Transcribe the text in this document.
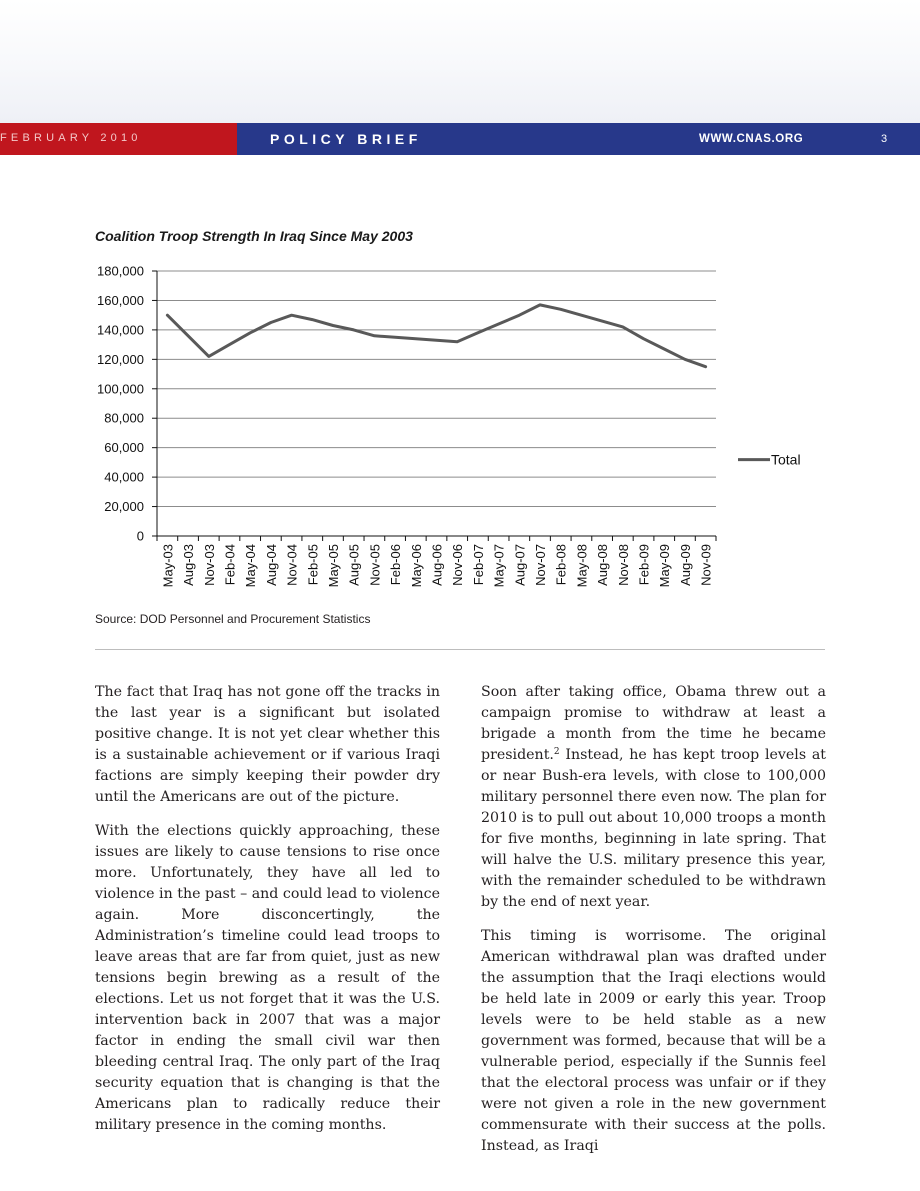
FEBRUARY 2010	POLICY BRIEF	WWW.CNAS.ORG	3
Coalition Troop Strength In Iraq Since May 2003
0
20,000
40,000
60,000
80,000
100,000
120,000
140,000
160,000
180,000
May-03 Aug-03 Nov-03 Feb-04 May-04 Aug-04 Nov-04 Feb-05 May-05 Aug-05 Nov-05 Feb-06 May-06 Aug-06 Nov-06 Feb-07 May-07 Aug-07 Nov-07 Feb-08 May-08 Aug-08 Nov-08 Feb-09 May-09 Aug-09 Nov-09
Total
Source: DOD Personnel and Procurement Statistics

The fact that Iraq has not gone off the tracks in the last year is a significant but isolated positive change. It is not yet clear whether this is a sustainable achievement or if various Iraqi factions are simply keeping their powder dry until the Americans are out of the picture.

With the elections quickly approaching, these issues are likely to cause tensions to rise once more. Unfortunately, they have all led to violence in the past – and could lead to violence again. More disconcertingly, the Administration’s timeline could lead troops to leave areas that are far from quiet, just as new tensions begin brewing as a result of the elections. Let us not forget that it was the U.S. intervention back in 2007 that was a major factor in ending the small civil war then bleeding central Iraq. The only part of the Iraq security equation that is changing is that the Americans plan to radically reduce their military presence in the coming months.

Soon after taking office, Obama threw out a campaign promise to withdraw at least a brigade a month from the time he became president.$^2$ Instead, he has kept troop levels at or near Bush-era levels, with close to 100,000 military personnel there even now. The plan for 2010 is to pull out about 10,000 troops a month for five months, beginning in late spring. That will halve the U.S. military presence this year, with the remainder scheduled to be withdrawn by the end of next year.

This timing is worrisome. The original American withdrawal plan was drafted under the assumption that the Iraqi elections would be held late in 2009 or early this year. Troop levels were to be held stable as a new government was formed, because that will be a vulnerable period, especially if the Sunnis feel that the electoral process was unfair or if they were not given a role in the new government commensurate with their success at the polls. Instead, as Iraqi
